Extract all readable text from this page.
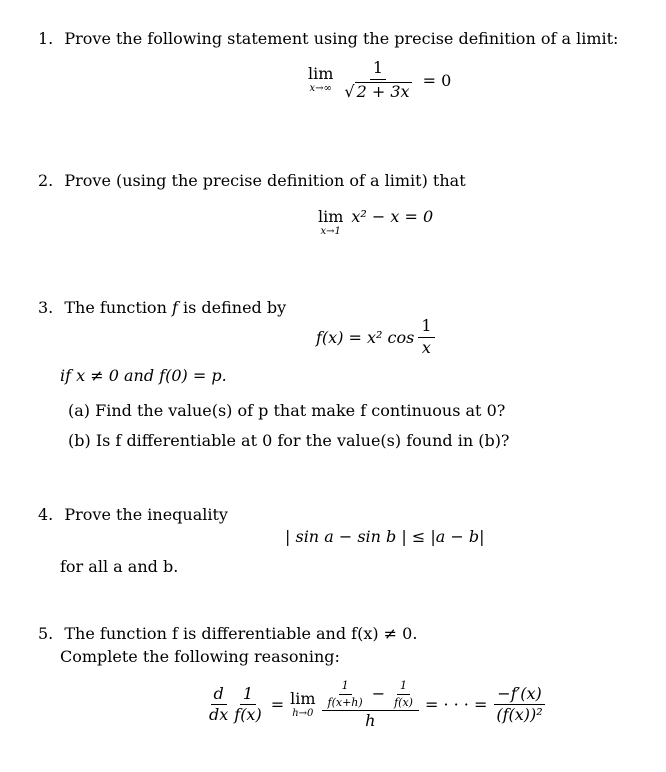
1. Prove the following statement using the precise definition of a limit:
lim
$x\to\infty \frac{1}{√ 2 + 3x} = 0$
2. Prove (using the precise definition of a limit) that
lim
x→1
x² − x = 0
3. The function f is defined by
f(x) = x² $\cos \frac{1}{x}$
if x ≠ 0 and f(0) = p.
(a) Find the value(s) of p that make f continuous at 0?
(b) Is f differentiable at 0 for the value(s) found in (b)?
4. Prove the inequality
| sin a − sin b | ≤ |a − b|
for all a and b.
5. The function f is differentiable and f(x) ≠ 0.
Complete the following reasoning:
$\frac{d}{dx} \frac{1}{f(x)} = \lim$
h→0
$\frac{1}{f(x+h)} - \frac{1}{f(x)}$
h
= · · · = $\frac{-f'(x)}{\text{(f(x))²}}$
